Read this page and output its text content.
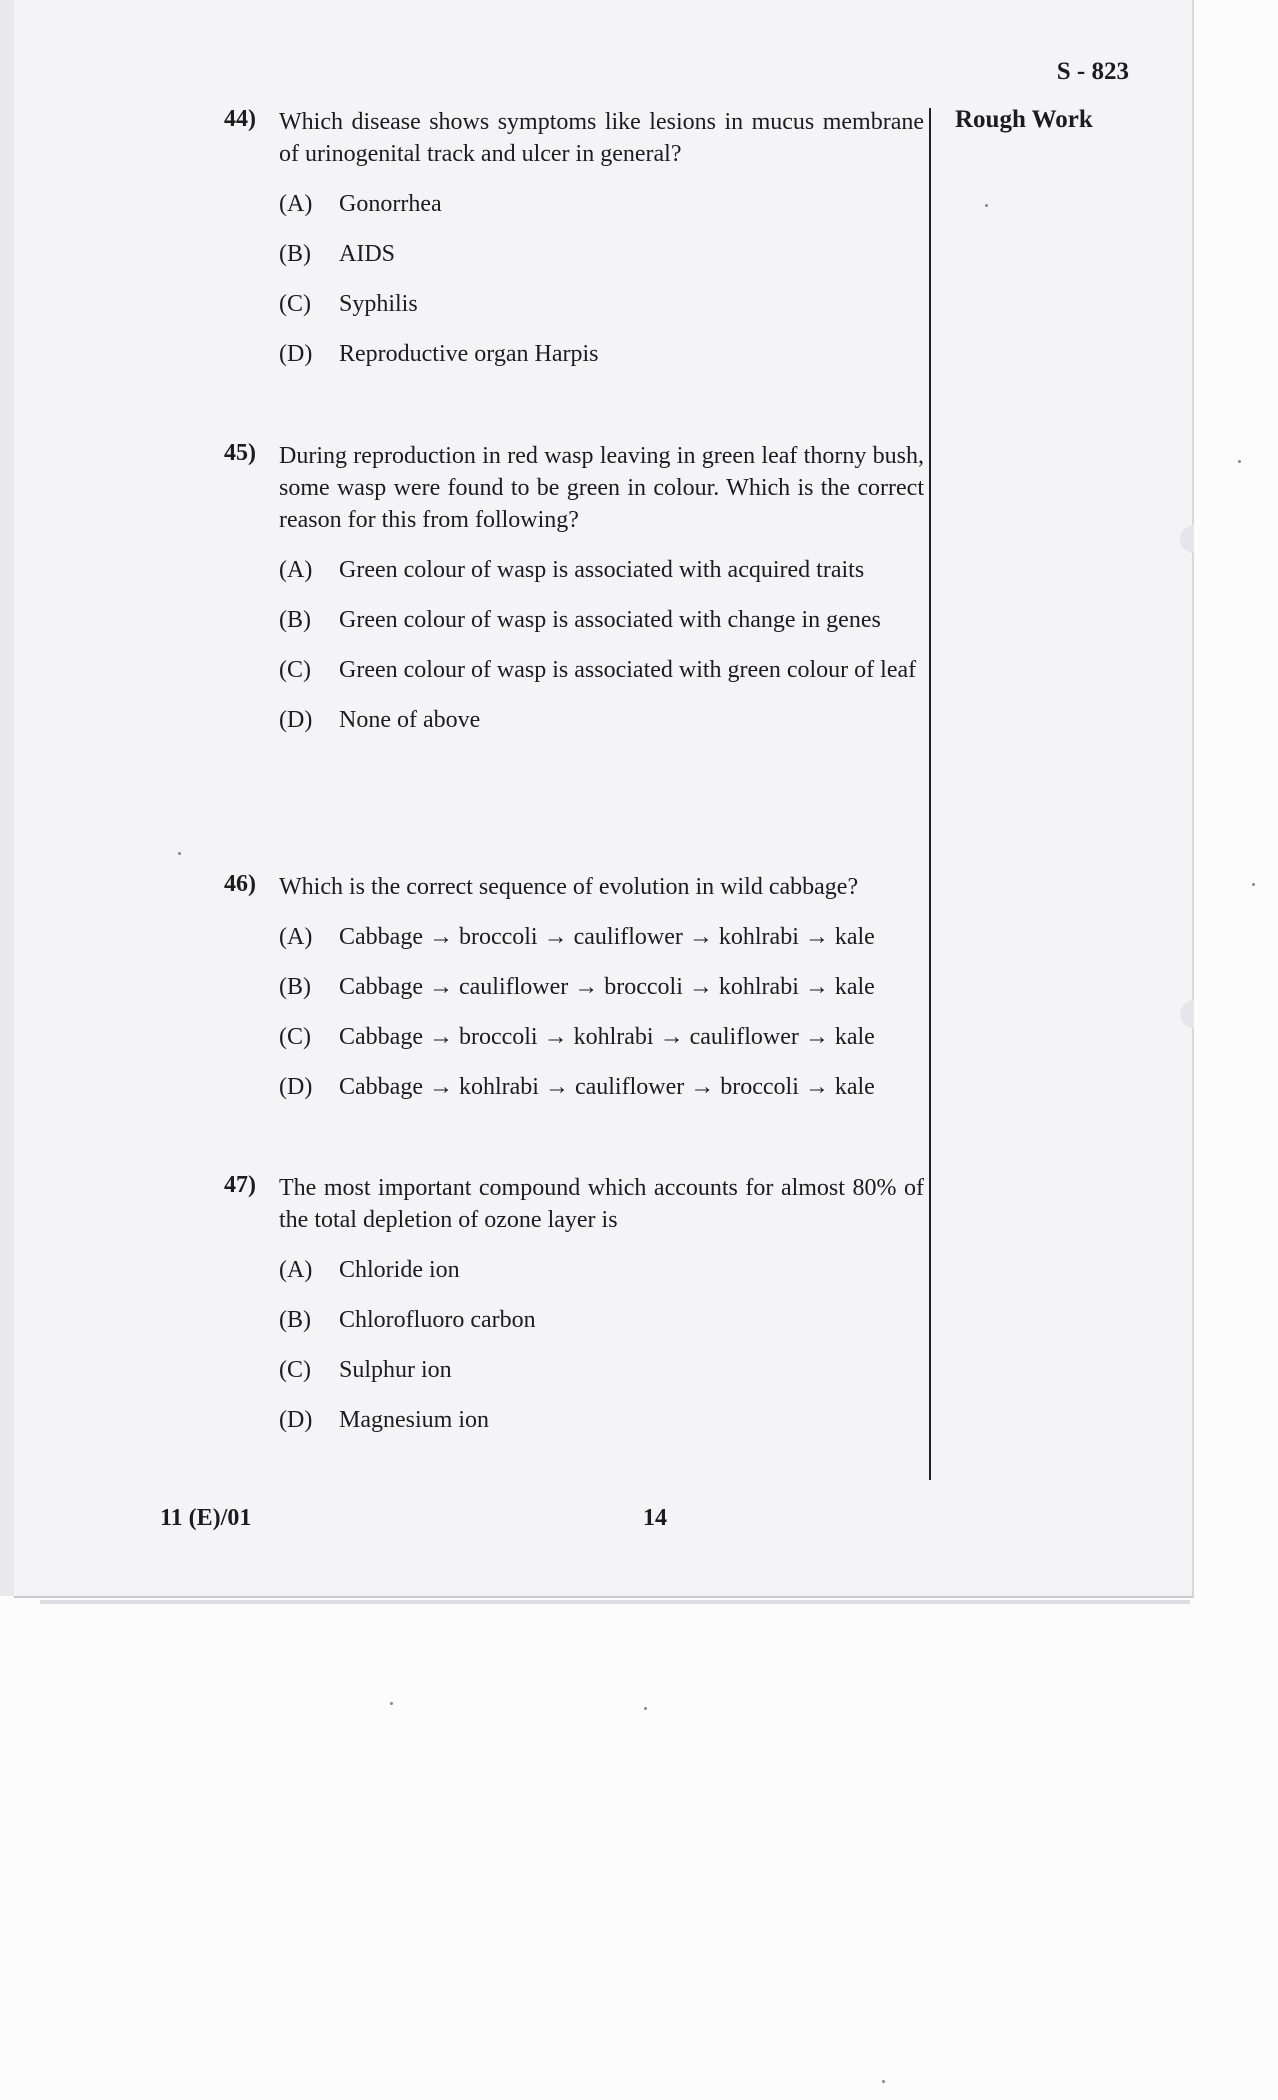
S - 823
Rough Work
44) Which disease shows symptoms like lesions in mucus membrane of urinogenital track and ulcer in general?
(A) Gonorrhea
(B) AIDS
(C) Syphilis
(D) Reproductive organ Harpis
45) During reproduction in red wasp leaving in green leaf thorny bush, some wasp were found to be green in colour. Which is the correct reason for this from following?
(A) Green colour of wasp is associated with acquired traits
(B) Green colour of wasp is associated with change in genes
(C) Green colour of wasp is associated with green colour of leaf
(D) None of above
46) Which is the correct sequence of evolution in wild cabbage?
(A) Cabbage → broccoli → cauliflower → kohlrabi → kale
(B) Cabbage → cauliflower → broccoli → kohlrabi → kale
(C) Cabbage → broccoli → kohlrabi → cauliflower → kale
(D) Cabbage → kohlrabi → cauliflower → broccoli → kale
47) The most important compound which accounts for almost 80% of the total depletion of ozone layer is
(A) Chloride ion
(B) Chlorofluoro carbon
(C) Sulphur ion
(D) Magnesium ion
11 (E)/01	14
